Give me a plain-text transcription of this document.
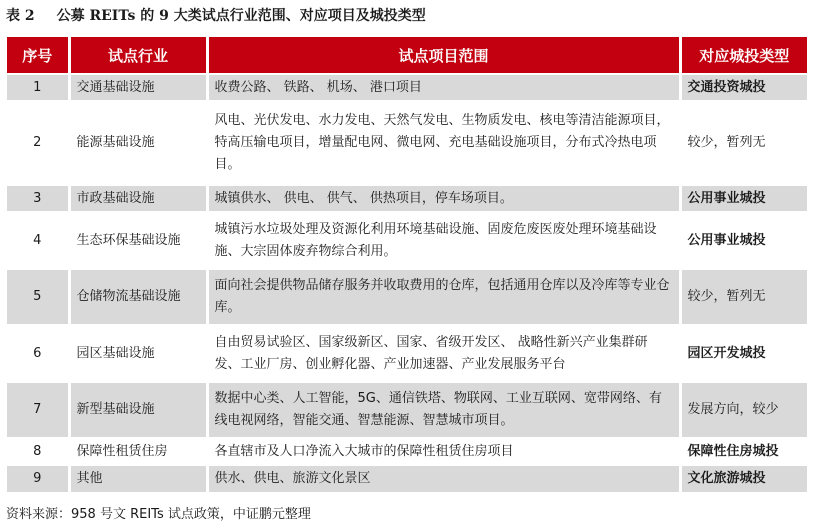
表 2 公募 REITs 的 9 大类试点行业范围、对应项目及城投类型
序号	试点行业	试点项目范围	对应城投类型
1	交通基础设施	收费公路、 铁路、 机场、 港口项目	交通投资城投
2	能源基础设施	风电、光伏发电、水力发电、天然气发电、生物质发电、核电等清洁能源项目，特高压输电项目，增量配电网、微电网、充电基础设施项目，分布式冷热电项目。	较少，暂列无
3	市政基础设施	城镇供水、 供电、 供气、 供热项目，停车场项目。	公用事业城投
4	生态环保基础设施	城镇污水垃圾处理及资源化利用环境基础设施、固废危废医废处理环境基础设施、大宗固体废弃物综合利用。	公用事业城投
5	仓储物流基础设施	面向社会提供物品储存服务并收取费用的仓库，包括通用仓库以及冷库等专业仓库。	较少，暂列无
6	园区基础设施	自由贸易试验区、国家级新区、国家、省级开发区、 战略性新兴产业集群研发、工业厂房、创业孵化器、产业加速器、产业发展服务平台	园区开发城投
7	新型基础设施	数据中心类、人工智能，5G、通信铁塔、物联网、工业互联网、宽带网络、有线电视网络，智能交通、智慧能源、智慧城市项目。	发展方向，较少
8	保障性租赁住房	各直辖市及人口净流入大城市的保障性租赁住房项目	保障性住房城投
9	其他	供水、供电、旅游文化景区	文化旅游城投
资料来源：958 号文 REITs 试点政策，中证鹏元整理
